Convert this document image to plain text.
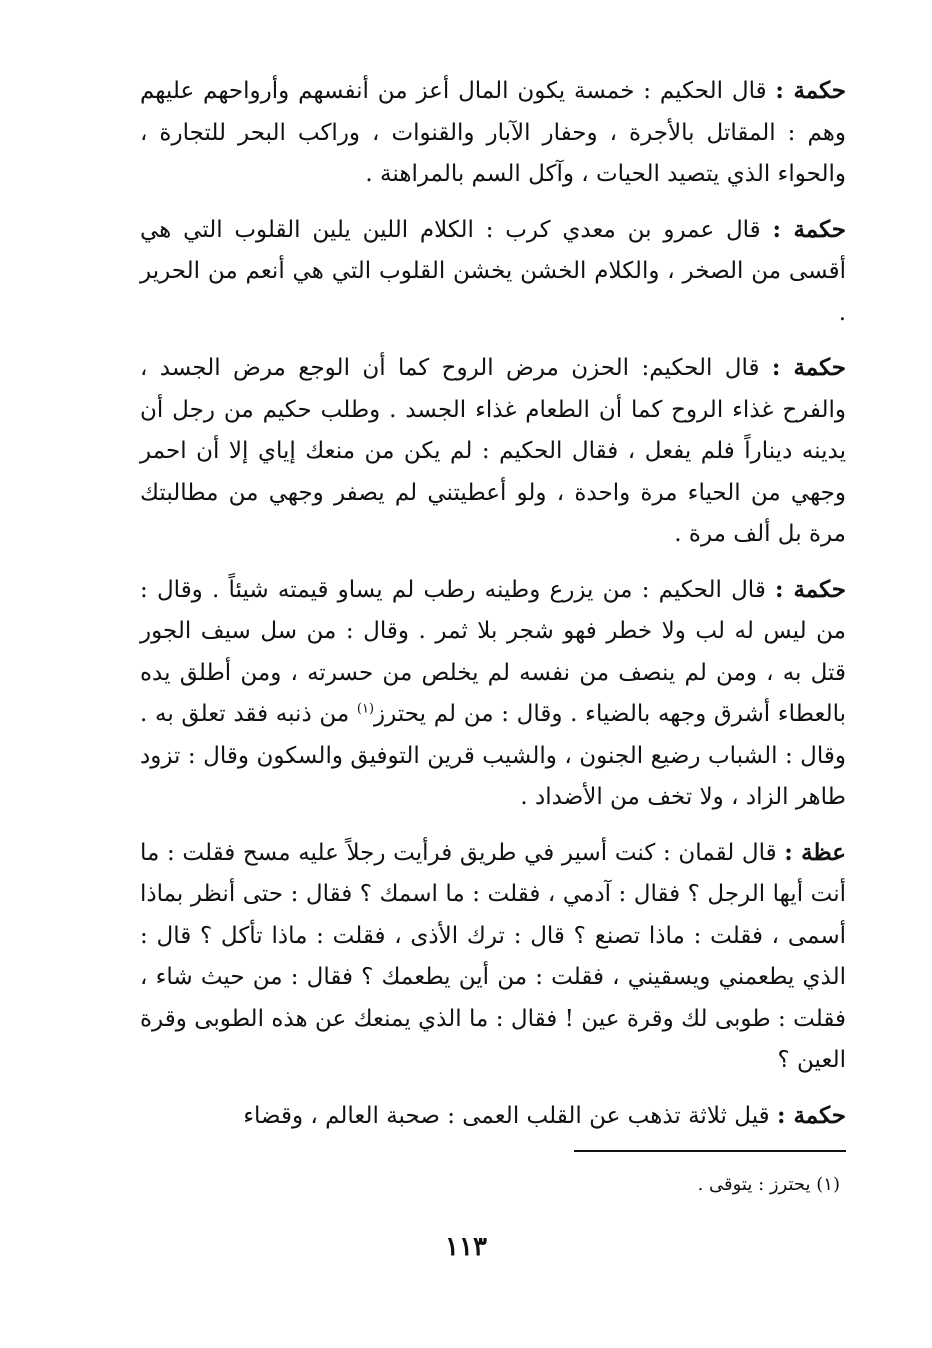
حكمة : قال الحكيم : خمسة يكون المال أعز من أنفسهم وأرواحهم عليهم وهم : المقاتل بالأجرة ، وحفار الآبار والقنوات ، وراكب البحر للتجارة ، والحواء الذي يتصيد الحيات ، وآكل السم بالمراهنة .

حكمة : قال عمرو بن معدي كرب : الكلام اللين يلين القلوب التي هي أقسى من الصخر ، والكلام الخشن يخشن القلوب التي هي أنعم من الحرير .

حكمة : قال الحكيم: الحزن مرض الروح كما أن الوجع مرض الجسد ، والفرح غذاء الروح كما أن الطعام غذاء الجسد . وطلب حكيم من رجل أن يدينه ديناراً فلم يفعل ، فقال الحكيم : لم يكن من منعك إياي إلا أن احمر وجهي من الحياء مرة واحدة ، ولو أعطيتني لم يصفر وجهي من مطالبتك مرة بل ألف مرة .

حكمة : قال الحكيم : من يزرع وطينه رطب لم يساو قيمته شيئاً . وقال : من ليس له لب ولا خطر فهو شجر بلا ثمر . وقال : من سل سيف الجور قتل به ، ومن لم ينصف من نفسه لم يخلص من حسرته ، ومن أطلق يده بالعطاء أشرق وجهه بالضياء . وقال : من لم يحترز$^{(١)}$ من ذنبه فقد تعلق به . وقال : الشباب رضيع الجنون ، والشيب قرين التوفيق والسكون وقال : تزود طاهر الزاد ، ولا تخف من الأضداد .

عظة : قال لقمان : كنت أسير في طريق فرأيت رجلاً عليه مسح فقلت : ما أنت أيها الرجل ؟ فقال : آدمي ، فقلت : ما اسمك ؟ فقال : حتى أنظر بماذا أسمى ، فقلت : ماذا تصنع ؟ قال : ترك الأذى ، فقلت : ماذا تأكل ؟ قال : الذي يطعمني ويسقيني ، فقلت : من أين يطعمك ؟ فقال : من حيث شاء ، فقلت : طوبى لك وقرة عين ! فقال : ما الذي يمنعك عن هذه الطوبى وقرة العين ؟

حكمة : قيل ثلاثة تذهب عن القلب العمى : صحبة العالم ، وقضاء

(١) يحترز : يتوقى .
١١٣
